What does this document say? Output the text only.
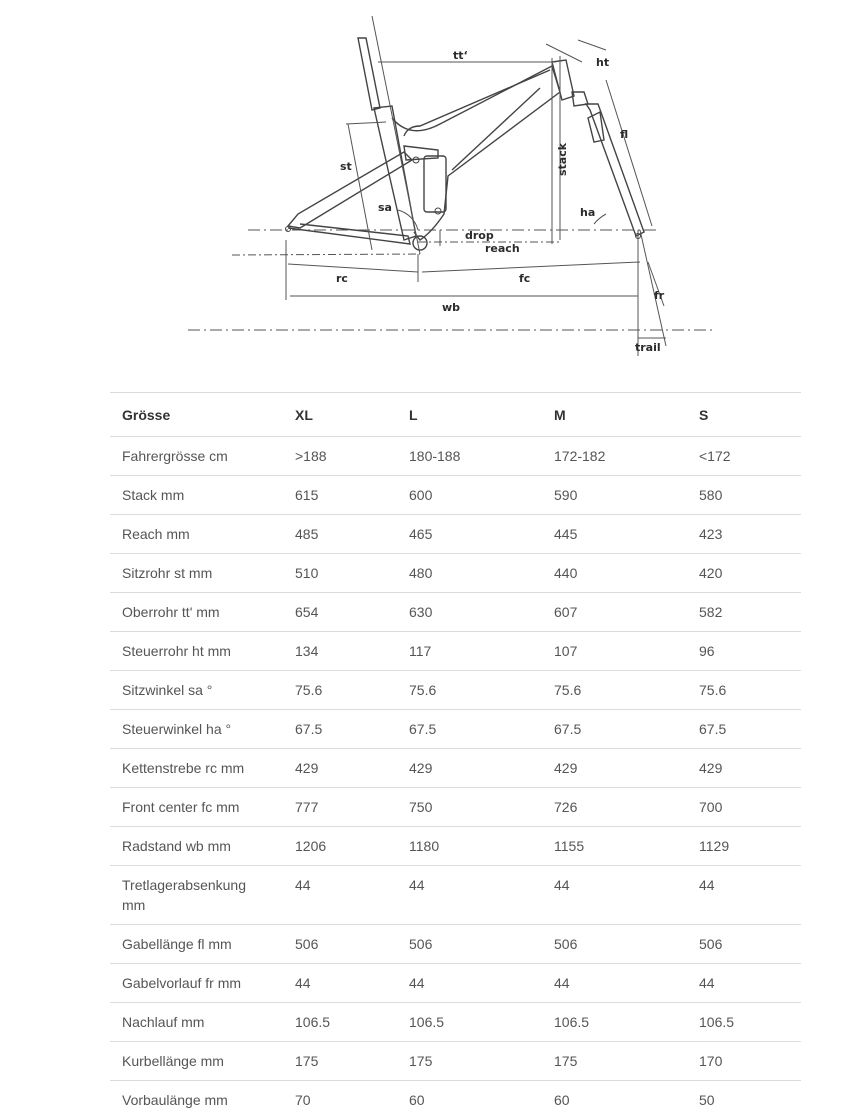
tt‘
ht
fl
st	stack
sa	ha
drop
reach
rc	fc
fr
wb
trail
Grösse	XL	L	M	S
Fahrergrösse cm	>188	180-188	172-182	<172
Stack mm	615	600	590	580
Reach mm	485	465	445	423
Sitzrohr st mm	510	480	440	420
Oberrohr tt' mm	654	630	607	582
Steuerrohr ht mm	134	117	107	96
Sitzwinkel sa °	75.6	75.6	75.6	75.6
Steuerwinkel ha °	67.5	67.5	67.5	67.5
Kettenstrebe rc mm	429	429	429	429
Front center fc mm	777	750	726	700
Radstand wb mm	1206	1180	1155	1129
Tretlagerabsenkung mm	44	44	44	44
Gabellänge fl mm	506	506	506	506
Gabelvorlauf fr mm	44	44	44	44
Nachlauf mm	106.5	106.5	106.5	106.5
Kurbellänge mm	175	175	175	170
Vorbaulänge mm	70	60	60	50
